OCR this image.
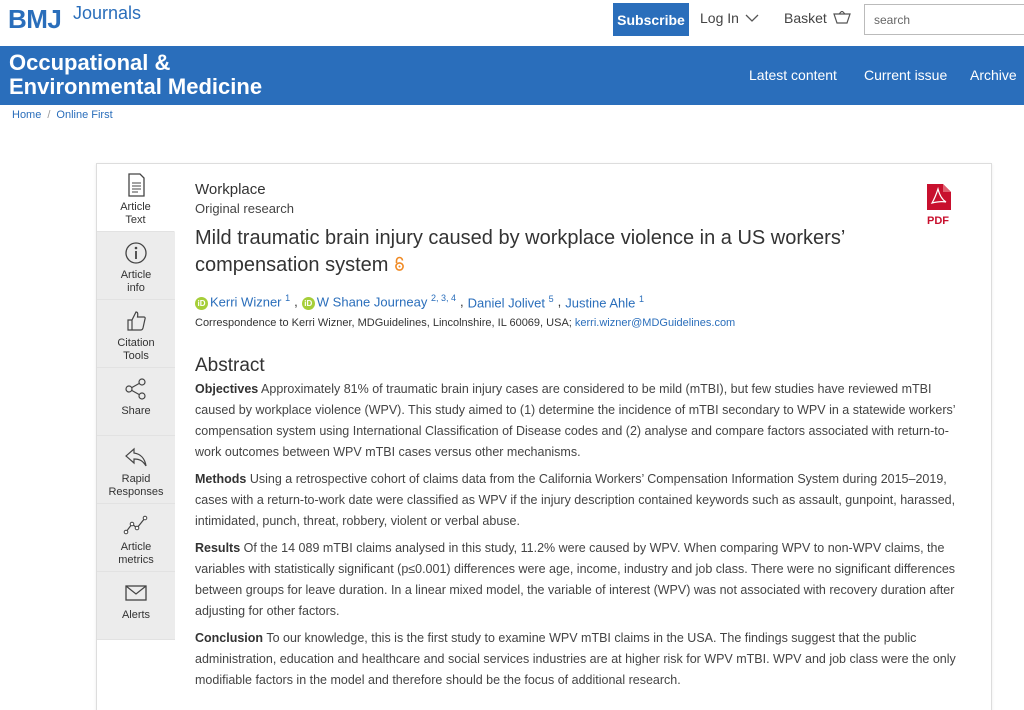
BMJ Journals	Subscribe Log In	Basket
search
Occupational &
Environmental Medicine	Latest content Current issue Archive
Home / Online First
Article
Text
Article
info
Citation
Tools
Share
Rapid
Responses
Article
metrics
Alerts
PDF
Workplace
Original research
Mild traumatic brain injury caused by workplace violence in a US workers’ compensation system
iD Kerri Wizner $^1$ , iD W Shane Journeay $^{2, 3, 4}$ , Daniel Jolivet $^5$ , Justine Ahle $^1$
Correspondence to Kerri Wizner, MDGuidelines, Lincolnshire, IL 60069, USA; kerri.wizner@MDGuidelines.com
Abstract

Objectives Approximately 81% of traumatic brain injury cases are considered to be mild (mTBI), but few studies have reviewed mTBI caused by workplace violence (WPV). This study aimed to (1) determine the incidence of mTBI secondary to WPV in a statewide workers’ compensation system using International Classification of Disease codes and (2) analyse and compare factors associated with return-to-work outcomes between WPV mTBI cases versus other mechanisms.

Methods Using a retrospective cohort of claims data from the California Workers’ Compensation Information System during 2015–2019, cases with a return-to-work date were classified as WPV if the injury description contained keywords such as assault, gunpoint, harassed, intimidated, punch, threat, robbery, violent or verbal abuse.

Results Of the 14 089 mTBI claims analysed in this study, 11.2% were caused by WPV. When comparing WPV to non-WPV claims, the variables with statistically significant (p≤0.001) differences were age, income, industry and job class. There were no significant differences between groups for leave duration. In a linear mixed model, the variable of interest (WPV) was not associated with recovery duration after adjusting for other factors.

Conclusion To our knowledge, this is the first study to examine WPV mTBI claims in the USA. The findings suggest that the public administration, education and healthcare and social services industries are at higher risk for WPV mTBI. WPV and job class were the only modifiable factors in the model and therefore should be the focus of additional research.
